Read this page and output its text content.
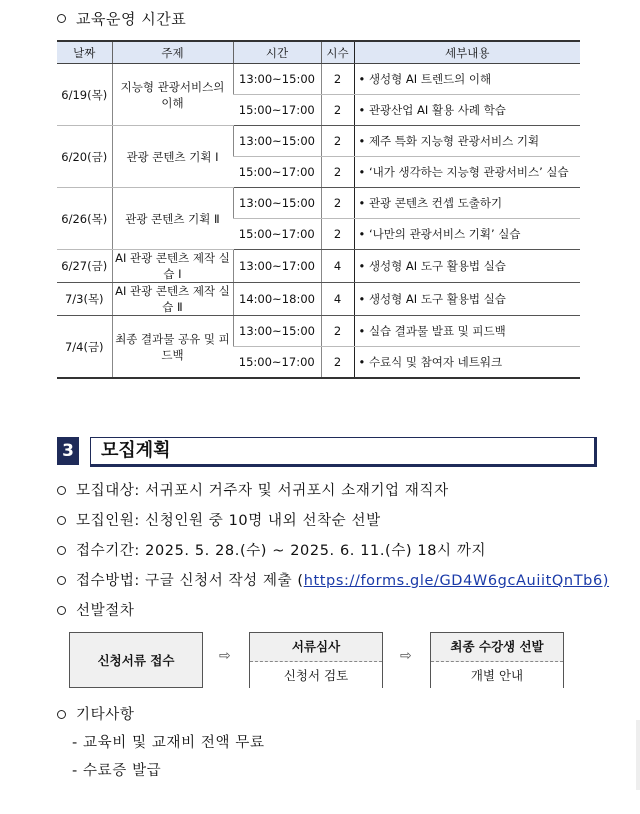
교육운영 시간표
날짜	주제	시간	시수	세부내용
6/19(목)	지능형 관광서비스의 이해	13:00~15:00	2	• 생성형 AI 트렌드의 이해
		15:00~17:00	2	• 관광산업 AI 활용 사례 학습
6/20(금)	관광 콘텐츠 기획 Ⅰ	13:00~15:00	2	• 제주 특화 지능형 관광서비스 기획
		15:00~17:00	2	• ‘내가 생각하는 지능형 관광서비스’ 실습
6/26(목)	관광 콘텐츠 기획 Ⅱ	13:00~15:00	2	• 관광 콘텐츠 컨셉 도출하기
		15:00~17:00	2	• ‘나만의 관광서비스 기획’ 실습
6/27(금)	AI 관광 콘텐츠 제작 실습 Ⅰ	13:00~17:00	4	• 생성형 AI 도구 활용법 실습
7/3(목)	AI 관광 콘텐츠 제작 실습 Ⅱ	14:00~18:00	4	• 생성형 AI 도구 활용법 실습
7/4(금)	최종 결과물 공유 및 피드백	13:00~15:00	2	• 실습 결과물 발표 및 피드백
		15:00~17:00	2	• 수료식 및 참여자 네트워크
3	모집계획
모집대상: 서귀포시 거주자 및 서귀포시 소재기업 재직자
모집인원: 신청인원 중 10명 내외 선착순 선발
접수기간: 2025. 5. 28.(수) ~ 2025. 6. 11.(수) 18시 까지
접수방법: 구글 신청서 작성 제출 (https://forms.gle/GD4W6gcAuiitQnTb6)
선발절차
신청서류 접수	⇨
서류심사
신청서 검토
⇨
최종 수강생 선발
개별 안내
기타사항
- 교육비 및 교재비 전액 무료
- 수료증 발급
